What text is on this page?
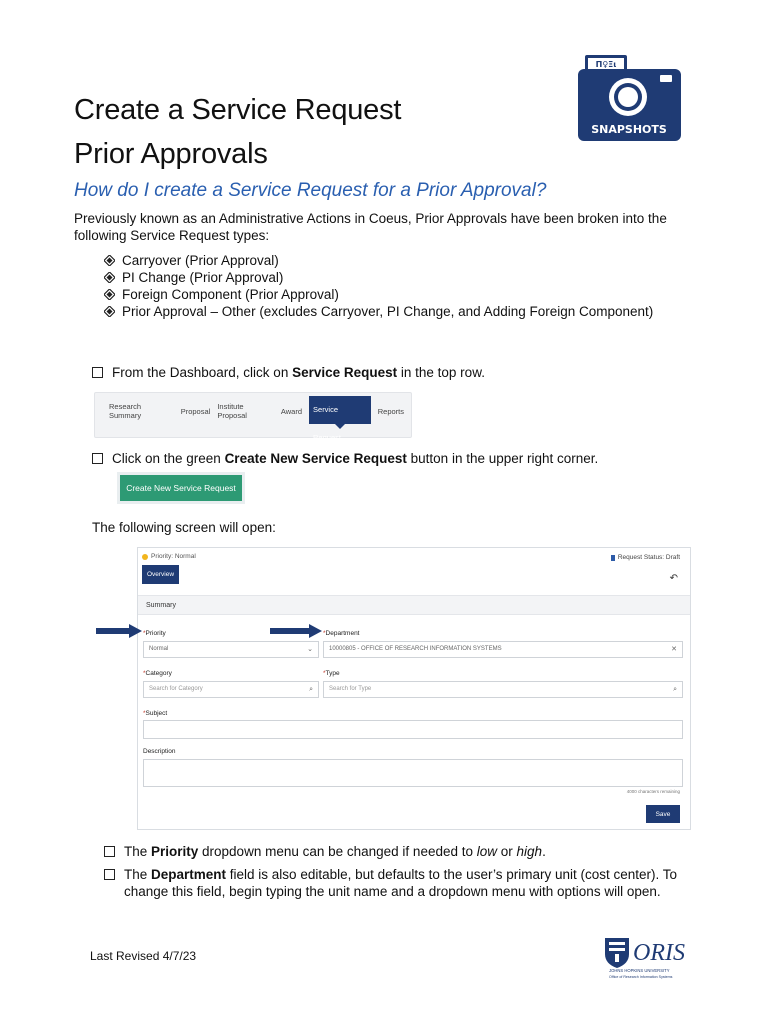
Create a Service Request
Prior Approvals
Π♀Ξι
SNAPSHOTS
How do I create a Service Request for a Prior Approval?
Previously known as an Administrative Actions in Coeus, Prior Approvals have been broken into the following Service Request types:
Carryover (Prior Approval)
PI Change (Prior Approval)
Foreign Component (Prior Approval)
Prior Approval – Other (excludes Carryover, PI Change, and Adding Foreign Component)
From the Dashboard, click on Service Request in the top row.
Research Summary	Proposal Institute Proposal	Award	Service Request
Reports
Click on the green Create New Service Request button in the upper right corner.
Create New Service Request
The following screen will open:
Priority: Normal
Overview
Request Status: Draft
↶
Summary
*Priority
Normal	⌄
*Department
10000805 - OFFICE OF RESEARCH INFORMATION SYSTEMS	✕
*Category
Search for Category	⌕
*Type
Search for Type	⌕
*Subject
Description
4000 characters remaining
Save
The Priority dropdown menu can be changed if needed to low or high.
The Department field is also editable, but defaults to the user’s primary unit (cost center). To change this field, begin typing the unit name and a dropdown menu with options will open.
Last Revised 4/7/23	ORIS
JOHNS HOPKINS UNIVERSITY
Office of Research Information Systems
